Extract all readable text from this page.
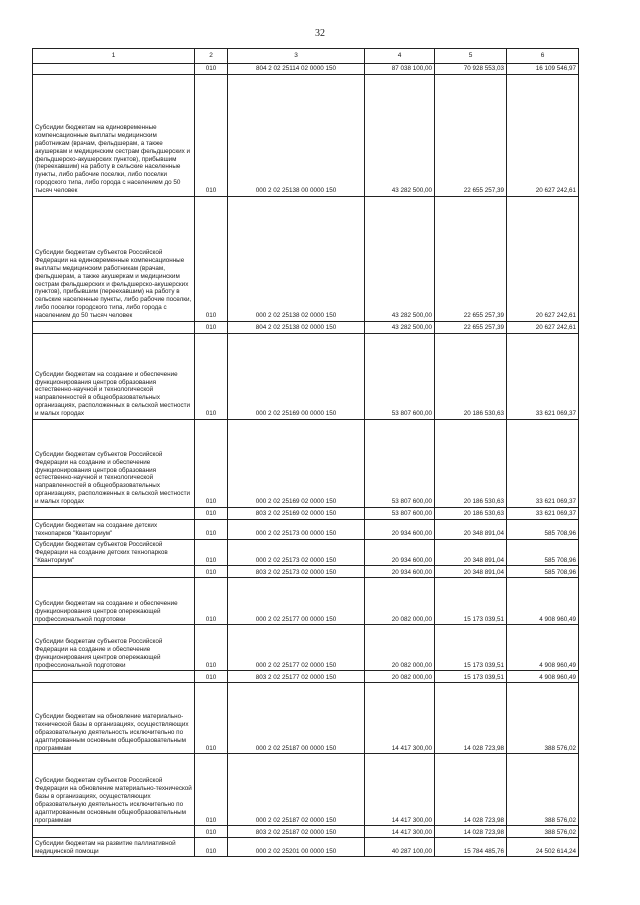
32
1	2	3	4	5	6
	010	804 2 02 25114 02 0000 150	87 038 100,00	70 928 553,03	16 109 546,97
Субсидии бюджетам на единовременные компенсационные выплаты медицинским работникам (врачам, фельдшерам, а также акушеркам и медицинским сестрам фельдшерских и фельдшерско-акушерских пунктов), прибывшим (переехавшим) на работу в сельские населенные пункты, либо рабочие поселки, либо поселки городского типа, либо города с населением до 50 тысяч человек	010	000 2 02 25138 00 0000 150	43 282 500,00	22 655 257,39	20 627 242,61
Субсидии бюджетам субъектов Российской Федерации на единовременные компенсационные выплаты медицинским работникам (врачам, фельдшерам, а также акушеркам и медицинским сестрам фельдшерских и фельдшерско-акушерских пунктов), прибывшим (переехавшим) на работу в сельские населенные пункты, либо рабочие поселки, либо поселки городского типа, либо города с населением до 50 тысяч человек	010	000 2 02 25138 02 0000 150	43 282 500,00	22 655 257,39	20 627 242,61
	010	804 2 02 25138 02 0000 150	43 282 500,00	22 655 257,39	20 627 242,61
Субсидии бюджетам на создание и обеспечение функционирования центров образования естественно-научной и технологической направленностей в общеобразовательных организациях, расположенных в сельской местности и малых городах	010	000 2 02 25169 00 0000 150	53 807 600,00	20 186 530,63	33 621 069,37
Субсидии бюджетам субъектов Российской Федерации на создание и обеспечение функционирования центров образования естественно-научной и технологической направленностей в общеобразовательных организациях, расположенных в сельской местности и малых городах	010	000 2 02 25169 02 0000 150	53 807 600,00	20 186 530,63	33 621 069,37
	010	803 2 02 25169 02 0000 150	53 807 600,00	20 186 530,63	33 621 069,37
Субсидии бюджетам на создание детских технопарков "Кванториум"	010	000 2 02 25173 00 0000 150	20 934 600,00	20 348 891,04	585 708,96
Субсидии бюджетам субъектов Российской Федерации на создание детских технопарков "Кванториум"	010	000 2 02 25173 02 0000 150	20 934 600,00	20 348 891,04	585 708,96
	010	803 2 02 25173 02 0000 150	20 934 600,00	20 348 891,04	585 708,96
Субсидии бюджетам на создание и обеспечение функционирования центров опережающей профессиональной подготовки	010	000 2 02 25177 00 0000 150	20 082 000,00	15 173 039,51	4 908 960,49
Субсидии бюджетам субъектов Российской Федерации на создание и обеспечение функционирования центров опережающей профессиональной подготовки	010	000 2 02 25177 02 0000 150	20 082 000,00	15 173 039,51	4 908 960,49
	010	803 2 02 25177 02 0000 150	20 082 000,00	15 173 039,51	4 908 960,49
Субсидии бюджетам на обновление материально-технической базы в организациях, осуществляющих образовательную деятельность исключительно по адаптированным основным общеобразовательным программам	010	000 2 02 25187 00 0000 150	14 417 300,00	14 028 723,98	388 576,02
Субсидии бюджетам субъектов Российской Федерации на обновление материально-технической базы в организациях, осуществляющих образовательную деятельность исключительно по адаптированным основным общеобразовательным программам	010	000 2 02 25187 02 0000 150	14 417 300,00	14 028 723,98	388 576,02
	010	803 2 02 25187 02 0000 150	14 417 300,00	14 028 723,98	388 576,02
Субсидии бюджетам на развитие паллиативной медицинской помощи	010	000 2 02 25201 00 0000 150	40 287 100,00	15 784 485,76	24 502 614,24
